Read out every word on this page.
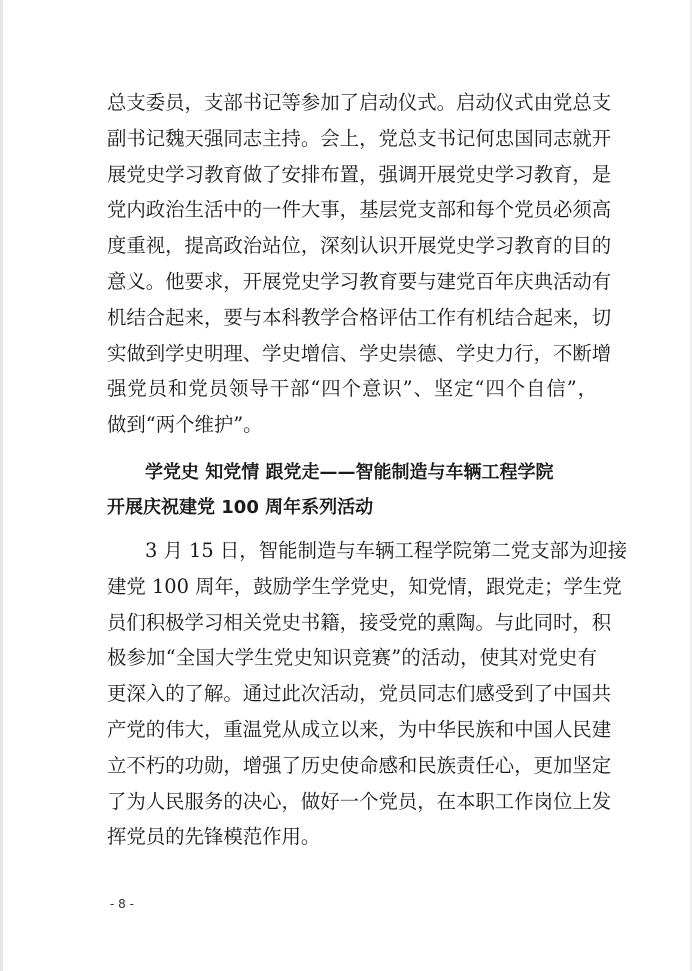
总支委员，支部书记等参加了启动仪式。启动仪式由党总支
副书记魏天强同志主持。会上，党总支书记何忠国同志就开
展党史学习教育做了安排布置，强调开展党史学习教育，是
党内政治生活中的一件大事，基层党支部和每个党员必须高
度重视，提高政治站位，深刻认识开展党史学习教育的目的
意义。他要求，开展党史学习教育要与建党百年庆典活动有
机结合起来，要与本科教学合格评估工作有机结合起来，切
实做到学史明理、学史增信、学史崇德、学史力行，不断增
强党员和党员领导干部“四个意识”、坚定“四个自信”，
做到“两个维护”。
学党史 知党情 跟党走——智能制造与车辆工程学院
开展庆祝建党 100 周年系列活动
3 月 15 日，智能制造与车辆工程学院第二党支部为迎接
建党 100 周年，鼓励学生学党史，知党情，跟党走；学生党
员们积极学习相关党史书籍，接受党的熏陶。与此同时，积
极参加“全国大学生党史知识竞赛”的活动，使其对党史有
更深入的了解。通过此次活动，党员同志们感受到了中国共
产党的伟大，重温党从成立以来，为中华民族和中国人民建
立不朽的功勋，增强了历史使命感和民族责任心，更加坚定
了为人民服务的决心，做好一个党员，在本职工作岗位上发
挥党员的先锋模范作用。
- 8 -
